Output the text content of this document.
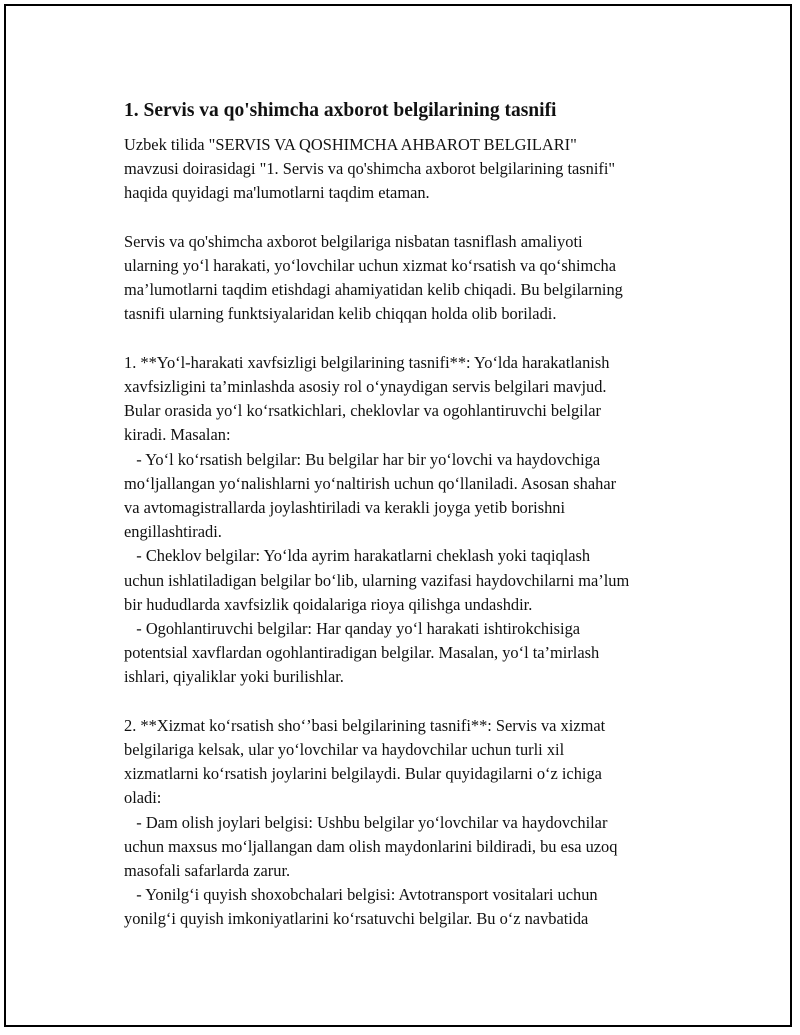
1. Servis va qo'shimcha axborot belgilarining tasnifi
Uzbek tilida "SERVIS VA QOSHIMCHA AHBAROT BELGILARI"
mavzusi doirasidagi "1. Servis va qo'shimcha axborot belgilarining tasnifi"
haqida quyidagi ma'lumotlarni taqdim etaman.
Servis va qo'shimcha axborot belgilariga nisbatan tasniflash amaliyoti
ularning yo‘l harakati, yo‘lovchilar uchun xizmat ko‘rsatish va qo‘shimcha
ma’lumotlarni taqdim etishdagi ahamiyatidan kelib chiqadi. Bu belgilarning
tasnifi ularning funktsiyalaridan kelib chiqqan holda olib boriladi.
1. **Yo‘l-harakati xavfsizligi belgilarining tasnifi**: Yo‘lda harakatlanish
xavfsizligini ta’minlashda asosiy rol o‘ynaydigan servis belgilari mavjud.
Bular orasida yo‘l ko‘rsatkichlari, cheklovlar va ogohlantiruvchi belgilar
kiradi. Masalan:
- Yo‘l ko‘rsatish belgilar: Bu belgilar har bir yo‘lovchi va haydovchiga
mo‘ljallangan yo‘nalishlarni yo‘naltirish uchun qo‘llaniladi. Asosan shahar
va avtomagistrallarda joylashtiriladi va kerakli joyga yetib borishni
engillashtiradi.
- Cheklov belgilar: Yo‘lda ayrim harakatlarni cheklash yoki taqiqlash
uchun ishlatiladigan belgilar bo‘lib, ularning vazifasi haydovchilarni ma’lum
bir hududlarda xavfsizlik qoidalariga rioya qilishga undashdir.
- Ogohlantiruvchi belgilar: Har qanday yo‘l harakati ishtirokchisiga
potentsial xavflardan ogohlantiradigan belgilar. Masalan, yo‘l ta’mirlash
ishlari, qiyaliklar yoki burilishlar.
2. **Xizmat ko‘rsatish sho‘’basi belgilarining tasnifi**: Servis va xizmat
belgilariga kelsak, ular yo‘lovchilar va haydovchilar uchun turli xil
xizmatlarni ko‘rsatish joylarini belgilaydi. Bular quyidagilarni o‘z ichiga
oladi:
- Dam olish joylari belgisi: Ushbu belgilar yo‘lovchilar va haydovchilar
uchun maxsus mo‘ljallangan dam olish maydonlarini bildiradi, bu esa uzoq
masofali safarlarda zarur.
- Yonilg‘i quyish shoxobchalari belgisi: Avtotransport vositalari uchun
yonilg‘i quyish imkoniyatlarini ko‘rsatuvchi belgilar. Bu o‘z navbatida
